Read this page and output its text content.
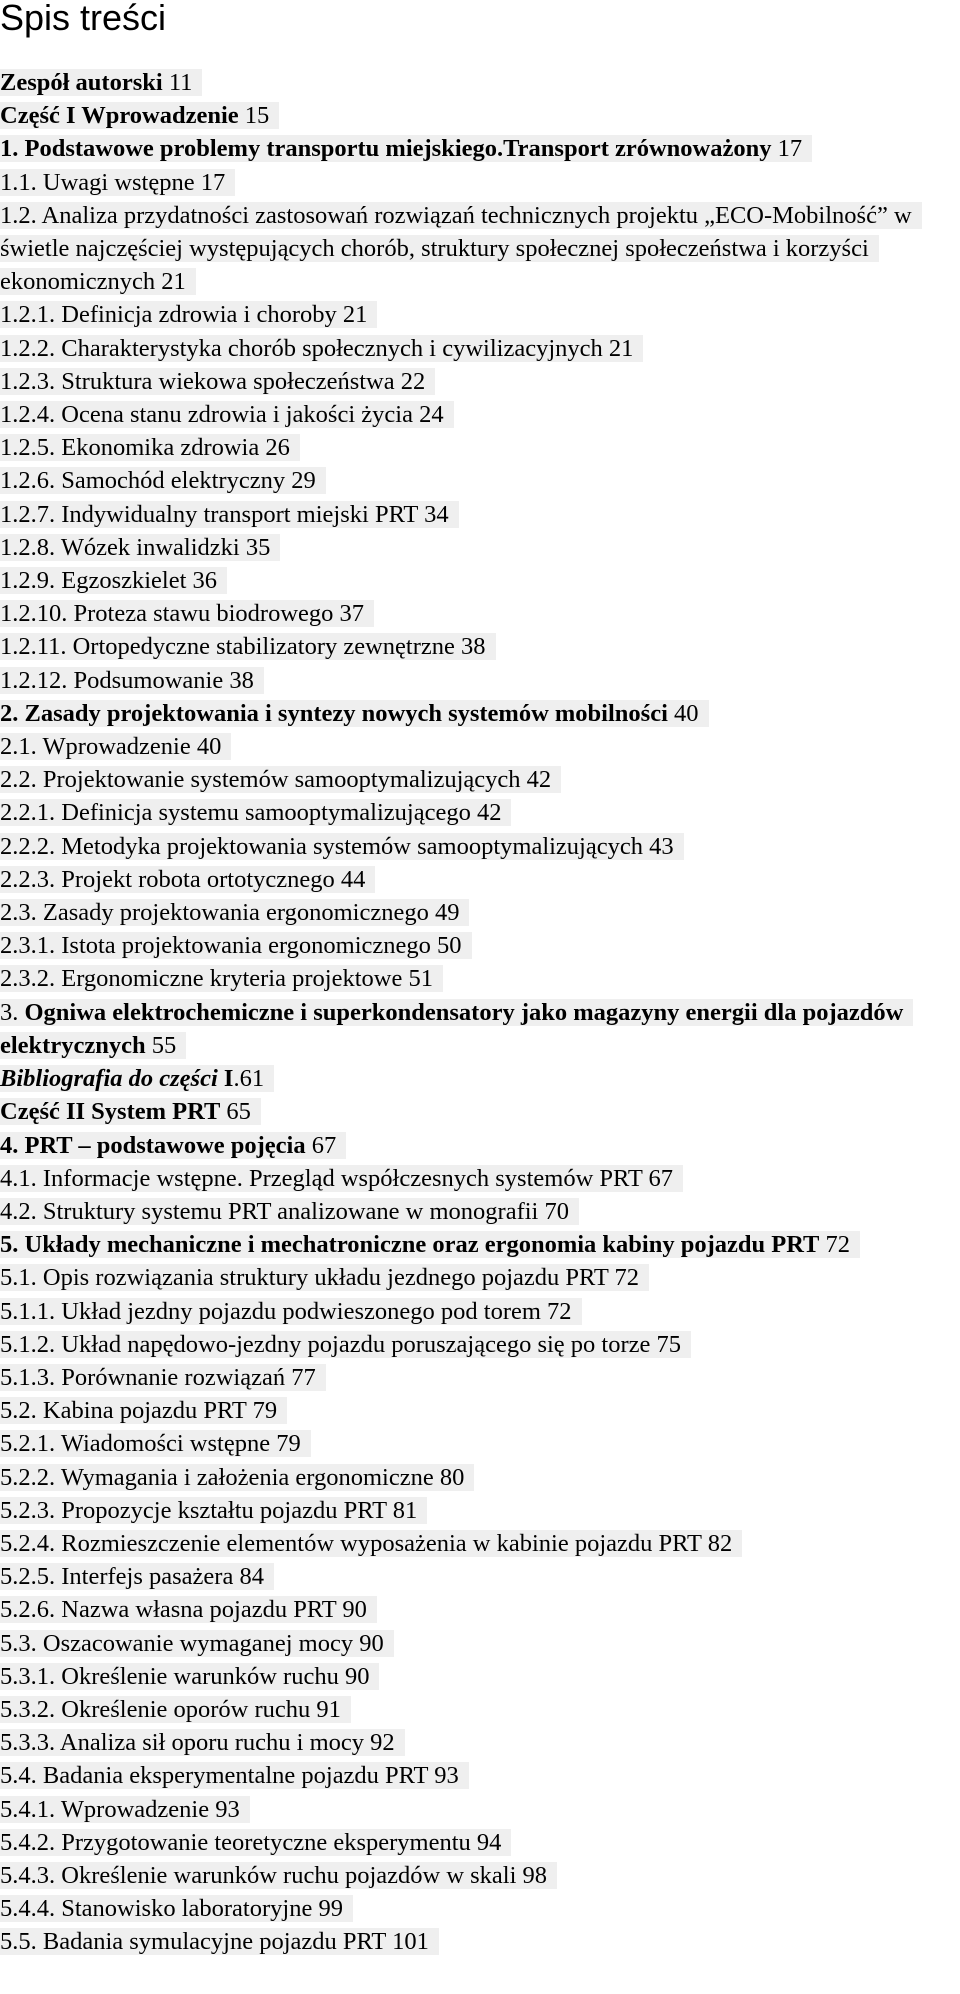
Spis treści
Zespół autorski 11
Część I Wprowadzenie 15
1. Podstawowe problemy transportu miejskiego.Transport zrównoważony 17
1.1. Uwagi wstępne 17
1.2. Analiza przydatności zastosowań rozwiązań technicznych projektu „ECO-Mobilność” w świetle najczęściej występujących chorób, struktury społecznej społeczeństwa i korzyści ekonomicznych 21
1.2.1. Definicja zdrowia i choroby 21
1.2.2. Charakterystyka chorób społecznych i cywilizacyjnych 21
1.2.3. Struktura wiekowa społeczeństwa 22
1.2.4. Ocena stanu zdrowia i jakości życia 24
1.2.5. Ekonomika zdrowia 26
1.2.6. Samochód elektryczny 29
1.2.7. Indywidualny transport miejski PRT 34
1.2.8. Wózek inwalidzki 35
1.2.9. Egzoszkielet 36
1.2.10. Proteza stawu biodrowego 37
1.2.11. Ortopedyczne stabilizatory zewnętrzne 38
1.2.12. Podsumowanie 38
2. Zasady projektowania i syntezy nowych systemów mobilności 40
2.1. Wprowadzenie 40
2.2. Projektowanie systemów samooptymalizujących 42
2.2.1. Definicja systemu samooptymalizującego 42
2.2.2. Metodyka projektowania systemów samooptymalizujących 43
2.2.3. Projekt robota ortotycznego 44
2.3. Zasady projektowania ergonomicznego 49
2.3.1. Istota projektowania ergonomicznego 50
2.3.2. Ergonomiczne kryteria projektowe 51
3. Ogniwa elektrochemiczne i superkondensatory jako magazyny energii dla pojazdów elektrycznych 55
Bibliografia do części I.61
Część II System PRT 65
4. PRT – podstawowe pojęcia 67
4.1. Informacje wstępne. Przegląd współczesnych systemów PRT 67
4.2. Struktury systemu PRT analizowane w monografii 70
5. Układy mechaniczne i mechatroniczne oraz ergonomia kabiny pojazdu PRT 72
5.1. Opis rozwiązania struktury układu jezdnego pojazdu PRT 72
5.1.1. Układ jezdny pojazdu podwieszonego pod torem 72
5.1.2. Układ napędowo-jezdny pojazdu poruszającego się po torze 75
5.1.3. Porównanie rozwiązań 77
5.2. Kabina pojazdu PRT 79
5.2.1. Wiadomości wstępne 79
5.2.2. Wymagania i założenia ergonomiczne 80
5.2.3. Propozycje kształtu pojazdu PRT 81
5.2.4. Rozmieszczenie elementów wyposażenia w kabinie pojazdu PRT 82
5.2.5. Interfejs pasażera 84
5.2.6. Nazwa własna pojazdu PRT 90
5.3. Oszacowanie wymaganej mocy 90
5.3.1. Określenie warunków ruchu 90
5.3.2. Określenie oporów ruchu 91
5.3.3. Analiza sił oporu ruchu i mocy 92
5.4. Badania eksperymentalne pojazdu PRT 93
5.4.1. Wprowadzenie 93
5.4.2. Przygotowanie teoretyczne eksperymentu 94
5.4.3. Określenie warunków ruchu pojazdów w skali 98
5.4.4. Stanowisko laboratoryjne 99
5.5. Badania symulacyjne pojazdu PRT 101
